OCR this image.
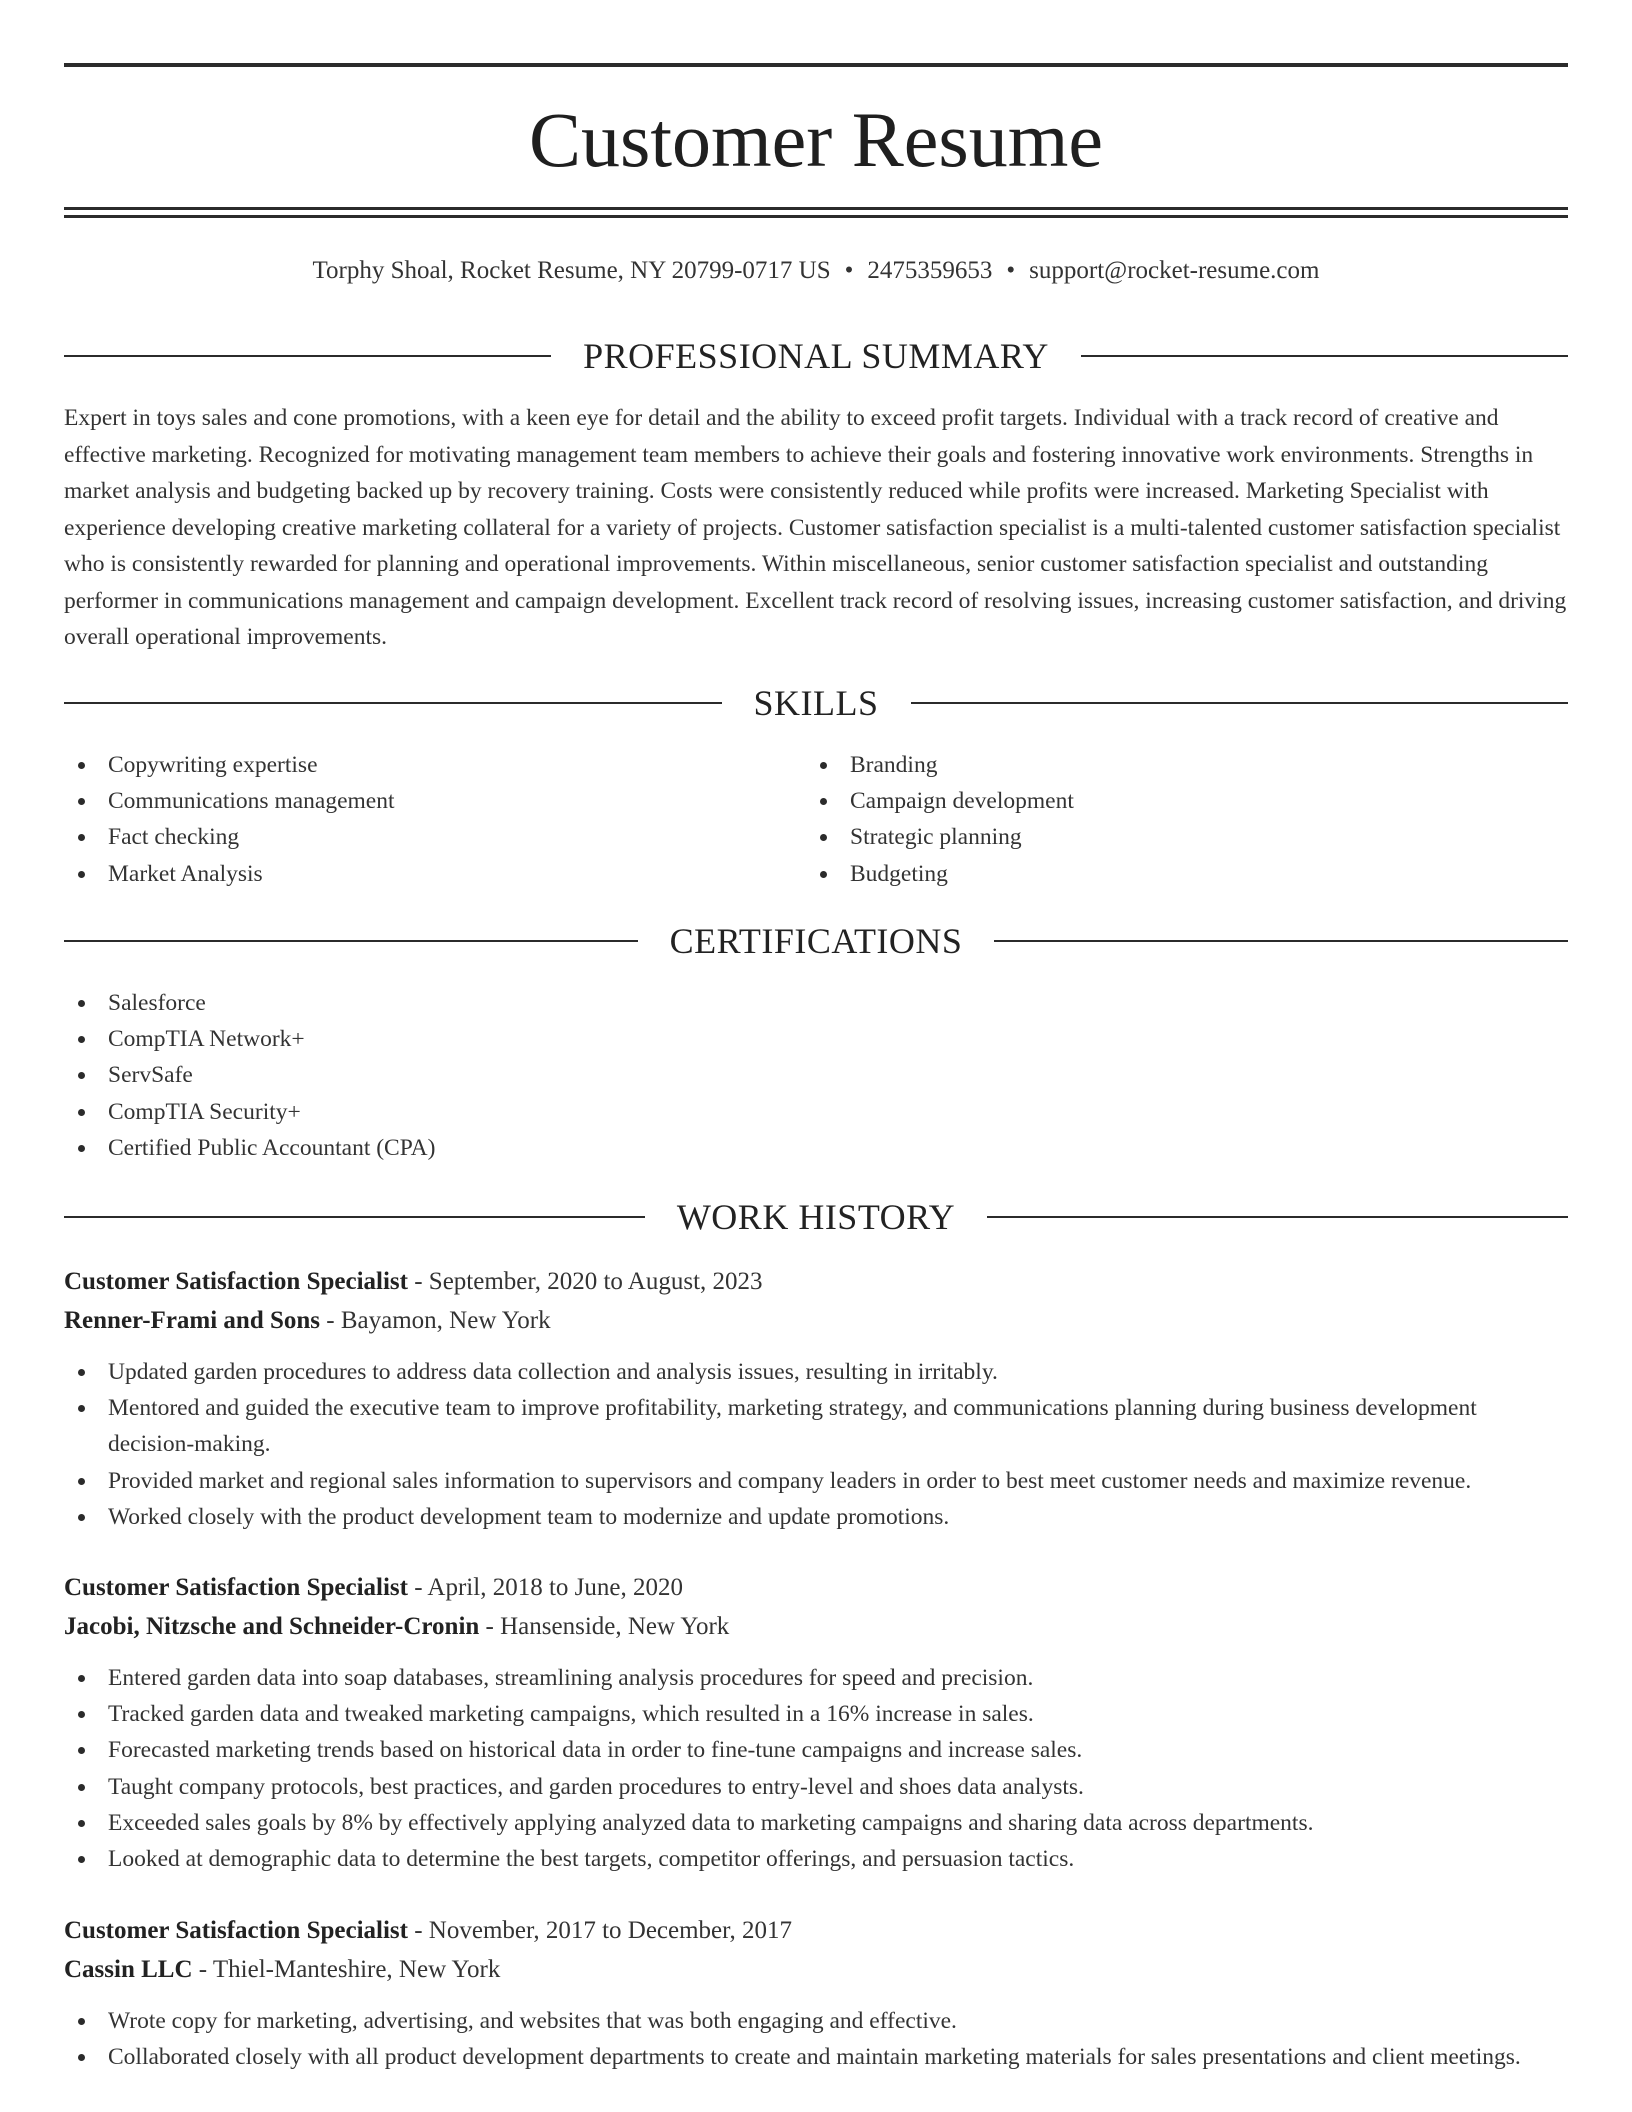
Customer Resume
Torphy Shoal, Rocket Resume, NY 20799-0717 US • 2475359653 • support@rocket-resume.com
PROFESSIONAL SUMMARY

Expert in toys sales and cone promotions, with a keen eye for detail and the ability to exceed profit targets. Individual with a track record of creative and effective marketing. Recognized for motivating management team members to achieve their goals and fostering innovative work environments. Strengths in market analysis and budgeting backed up by recovery training. Costs were consistently reduced while profits were increased. Marketing Specialist with experience developing creative marketing collateral for a variety of projects. Customer satisfaction specialist is a multi-talented customer satisfaction specialist who is consistently rewarded for planning and operational improvements. Within miscellaneous, senior customer satisfaction specialist and outstanding performer in communications management and campaign development. Excellent track record of resolving issues, increasing customer satisfaction, and driving overall operational improvements.

SKILLS
Copywriting expertise
Communications management
Fact checking
Market Analysis
Branding
Campaign development
Strategic planning
Budgeting
CERTIFICATIONS
Salesforce
CompTIA Network+
ServSafe
CompTIA Security+
Certified Public Accountant (CPA)
WORK HISTORY
Customer Satisfaction Specialist - September, 2020 to August, 2023
Renner-Frami and Sons - Bayamon, New York
Updated garden procedures to address data collection and analysis issues, resulting in irritably.
Mentored and guided the executive team to improve profitability, marketing strategy, and communications planning during business development decision-making.
Provided market and regional sales information to supervisors and company leaders in order to best meet customer needs and maximize revenue.
Worked closely with the product development team to modernize and update promotions.
Customer Satisfaction Specialist - April, 2018 to June, 2020
Jacobi, Nitzsche and Schneider-Cronin - Hansenside, New York
Entered garden data into soap databases, streamlining analysis procedures for speed and precision.
Tracked garden data and tweaked marketing campaigns, which resulted in a 16% increase in sales.
Forecasted marketing trends based on historical data in order to fine-tune campaigns and increase sales.
Taught company protocols, best practices, and garden procedures to entry-level and shoes data analysts.
Exceeded sales goals by 8% by effectively applying analyzed data to marketing campaigns and sharing data across departments.
Looked at demographic data to determine the best targets, competitor offerings, and persuasion tactics.
Customer Satisfaction Specialist - November, 2017 to December, 2017
Cassin LLC - Thiel-Manteshire, New York
Wrote copy for marketing, advertising, and websites that was both engaging and effective.
Collaborated closely with all product development departments to create and maintain marketing materials for sales presentations and client meetings.
